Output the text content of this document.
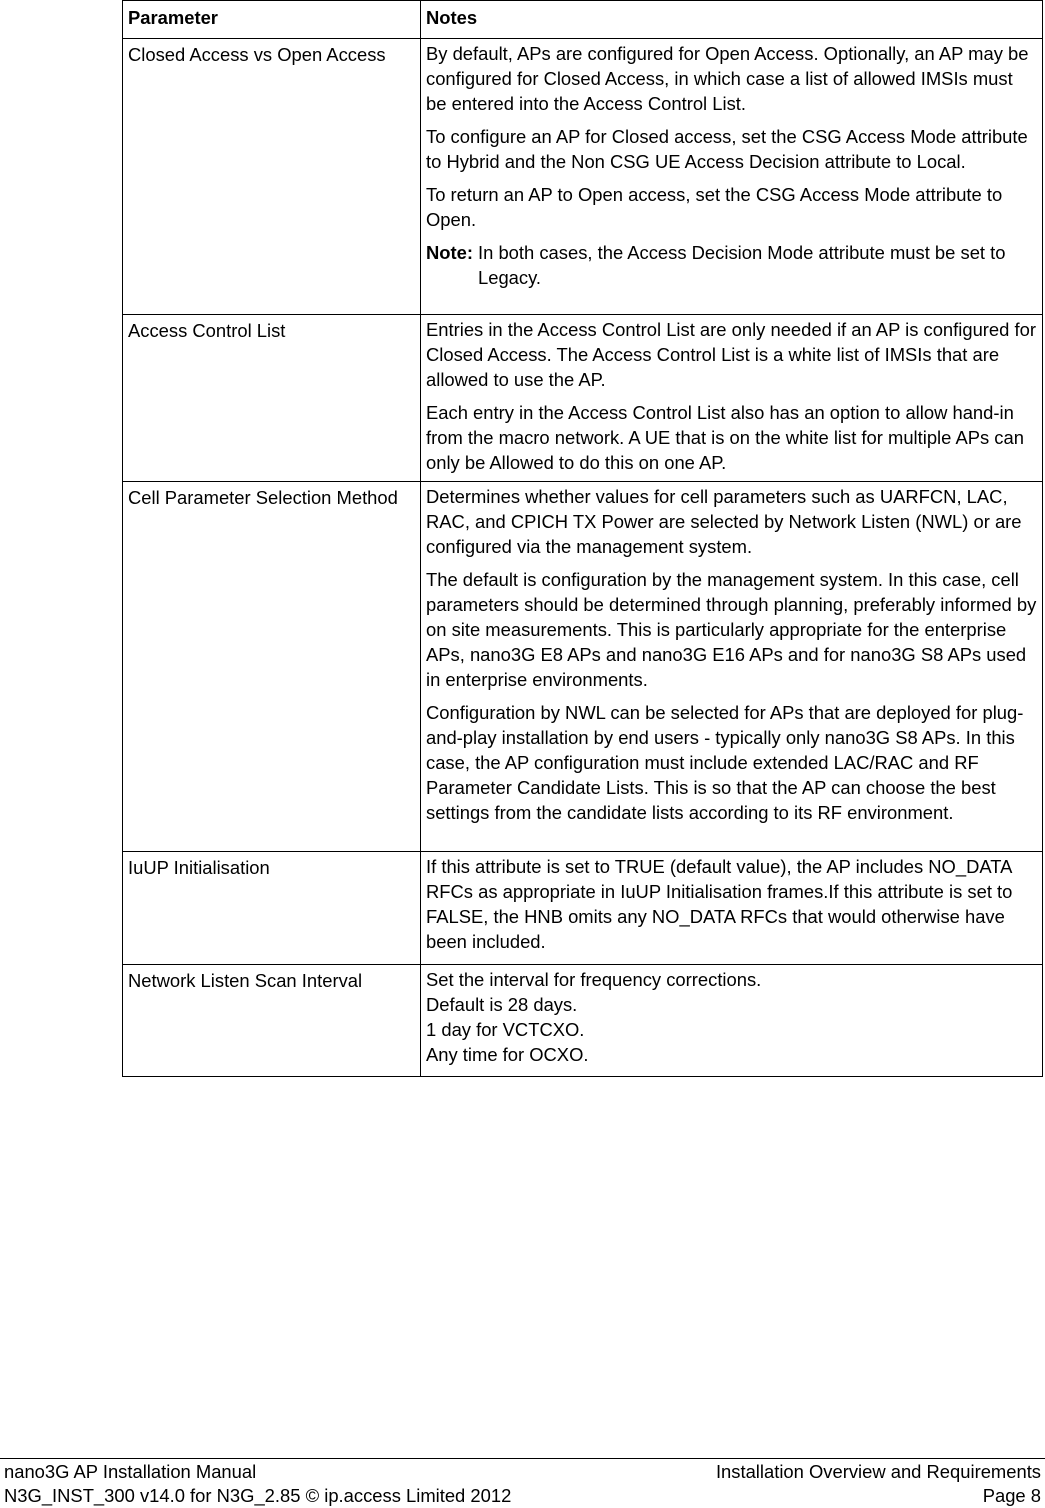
Parameter	Notes
Closed Access vs Open Access	By default, APs are configured for Open Access. Optionally, an AP may be configured for Closed Access, in which case a list of allowed IMSIs must be entered into the Access Control List.

To configure an AP for Closed access, set the CSG Access Mode attribute to Hybrid and the Non CSG UE Access Decision attribute to Local.

To return an AP to Open access, set the CSG Access Mode attribute to Open.

Note: In both cases, the Access Decision Mode attribute must be set to Legacy.

Access Control List	Entries in the Access Control List are only needed if an AP is configured for Closed Access. The Access Control List is a white list of IMSIs that are allowed to use the AP.

Each entry in the Access Control List also has an option to allow hand-in from the macro network. A UE that is on the white list for multiple APs can only be Allowed to do this on one AP.

Cell Parameter Selection Method	Determines whether values for cell parameters such as UARFCN, LAC, RAC, and CPICH TX Power are selected by Network Listen (NWL) or are configured via the management system.

The default is configuration by the management system. In this case, cell parameters should be determined through planning, preferably informed by on site measurements. This is particularly appropriate for the enterprise APs, nano3G E8 APs and nano3G E16 APs and for nano3G S8 APs used in enterprise environments.

Configuration by NWL can be selected for APs that are deployed for plug-and-play installation by end users - typically only nano3G S8 APs. In this case, the AP configuration must include extended LAC/RAC and RF Parameter Candidate Lists. This is so that the AP can choose the best settings from the candidate lists according to its RF environment.

IuUP Initialisation	If this attribute is set to TRUE (default value), the AP includes NO_DATA RFCs as appropriate in IuUP Initialisation frames.If this attribute is set to FALSE, the HNB omits any NO_DATA RFCs that would otherwise have been included.

Network Listen Scan Interval	Set the interval for frequency corrections.
Default is 28 days.
1 day for VCTCXO.
Any time for OCXO.
nano3G AP Installation Manual	Installation Overview and Requirements
N3G_INST_300 v14.0 for N3G_2.85 © ip.access Limited 2012	Page 8
